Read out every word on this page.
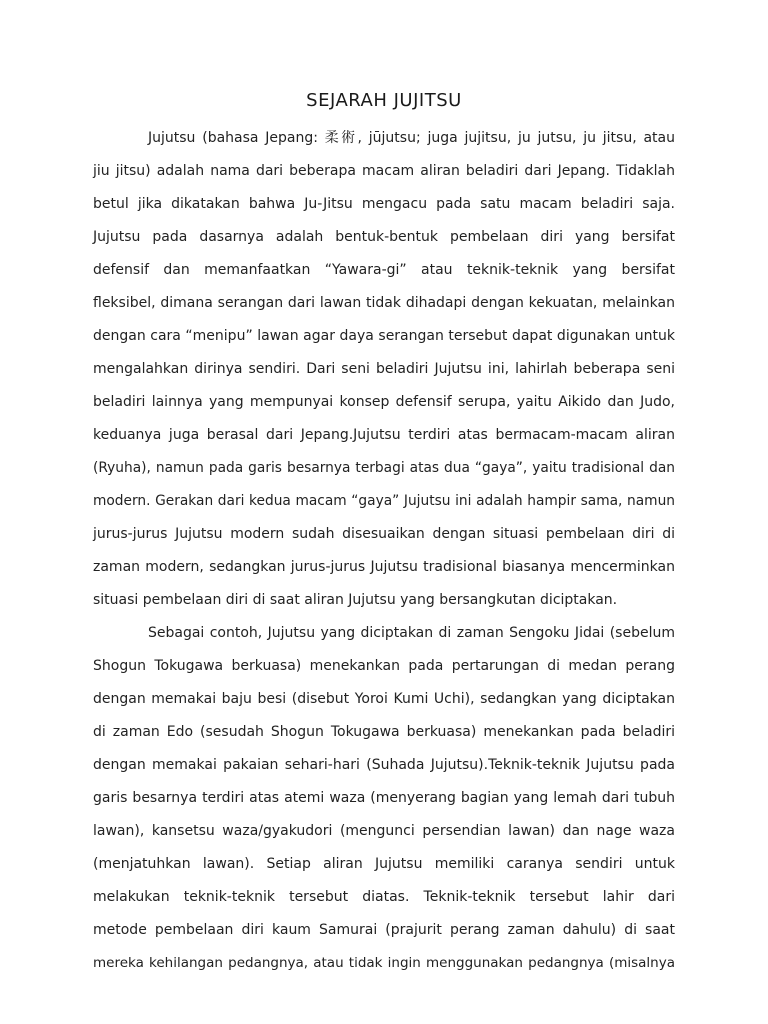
SEJARAH JUJITSU
Jujutsu (bahasa Jepang: 柔術, jūjutsu; juga jujitsu, ju jutsu, ju jitsu, atau
jiu jitsu) adalah nama dari beberapa macam aliran beladiri dari Jepang. Tidaklah
betul jika dikatakan bahwa Ju-Jitsu mengacu pada satu macam beladiri saja.
Jujutsu pada dasarnya adalah bentuk-bentuk pembelaan diri yang bersifat
defensif dan memanfaatkan “Yawara-gi” atau teknik-teknik yang bersifat
fleksibel, dimana serangan dari lawan tidak dihadapi dengan kekuatan, melainkan
dengan cara “menipu” lawan agar daya serangan tersebut dapat digunakan untuk
mengalahkan dirinya sendiri. Dari seni beladiri Jujutsu ini, lahirlah beberapa seni
beladiri lainnya yang mempunyai konsep defensif serupa, yaitu Aikido dan Judo,
keduanya juga berasal dari Jepang.Jujutsu terdiri atas bermacam-macam aliran
(Ryuha), namun pada garis besarnya terbagi atas dua “gaya”, yaitu tradisional dan
modern. Gerakan dari kedua macam “gaya” Jujutsu ini adalah hampir sama, namun
jurus-jurus Jujutsu modern sudah disesuaikan dengan situasi pembelaan diri di
zaman modern, sedangkan jurus-jurus Jujutsu tradisional biasanya mencerminkan
situasi pembelaan diri di saat aliran Jujutsu yang bersangkutan diciptakan.
Sebagai contoh, Jujutsu yang diciptakan di zaman Sengoku Jidai (sebelum
Shogun Tokugawa berkuasa) menekankan pada pertarungan di medan perang
dengan memakai baju besi (disebut Yoroi Kumi Uchi), sedangkan yang diciptakan
di zaman Edo (sesudah Shogun Tokugawa berkuasa) menekankan pada beladiri
dengan memakai pakaian sehari-hari (Suhada Jujutsu).Teknik-teknik Jujutsu pada
garis besarnya terdiri atas atemi waza (menyerang bagian yang lemah dari tubuh
lawan), kansetsu waza/gyakudori (mengunci persendian lawan) dan nage waza
(menjatuhkan lawan). Setiap aliran Jujutsu memiliki caranya sendiri untuk
melakukan teknik-teknik tersebut diatas. Teknik-teknik tersebut lahir dari
metode pembelaan diri kaum Samurai (prajurit perang zaman dahulu) di saat
mereka kehilangan pedangnya, atau tidak ingin menggunakan pedangnya (misalnya
